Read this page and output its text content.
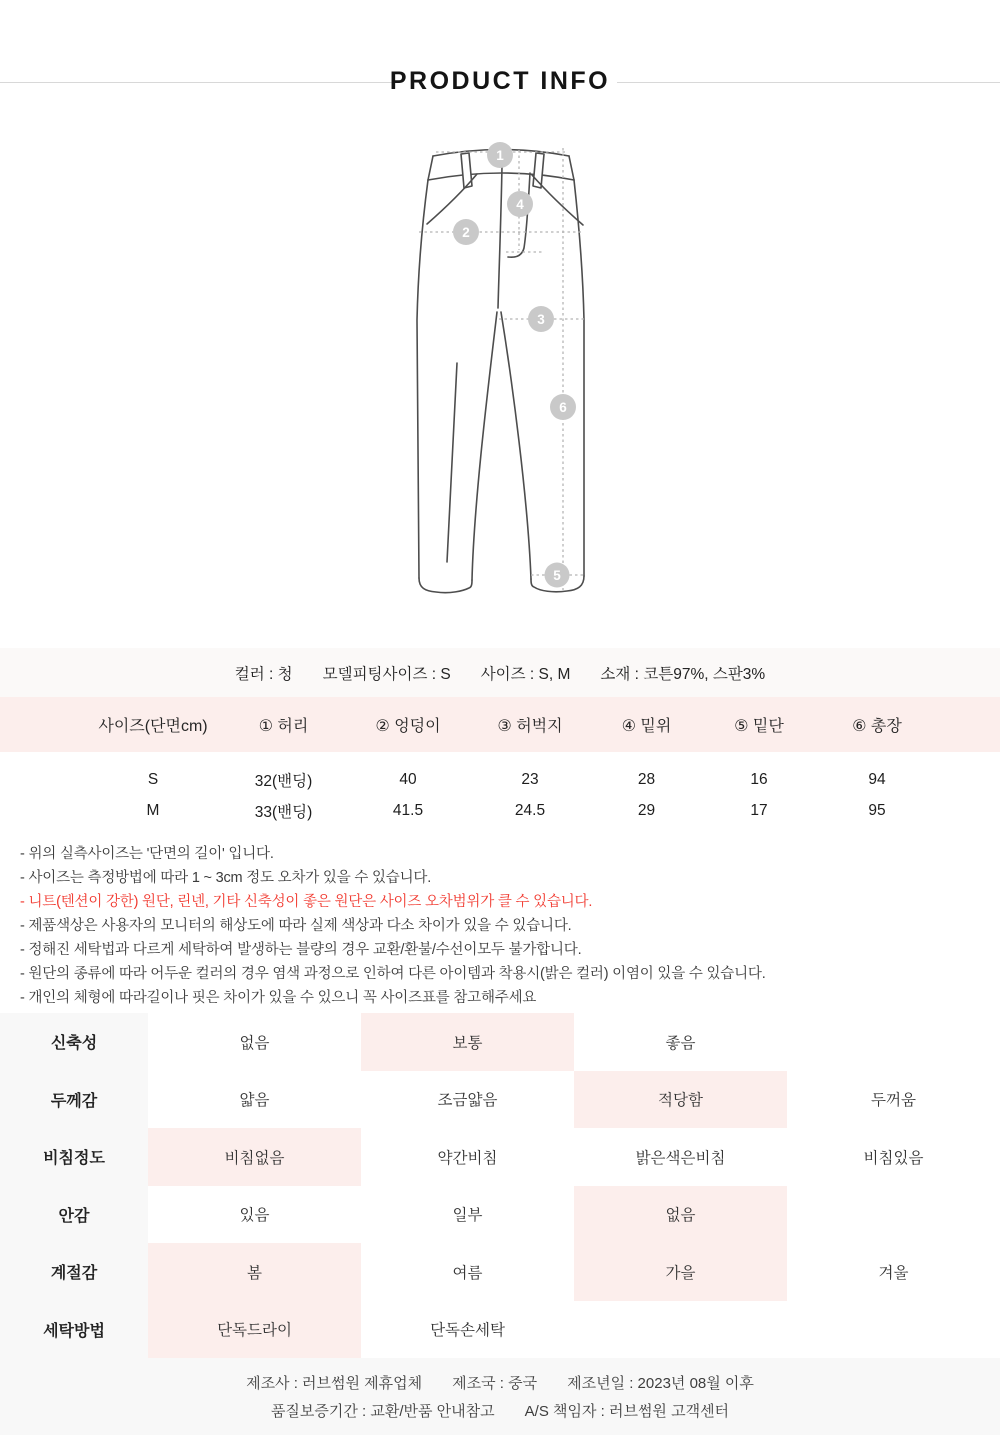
PRODUCT INFO
1
2
3
4
5
6
컬러 : 청 모델피팅사이즈 : S 사이즈 : S, M 소재 : 코튼97%, 스판3%
사이즈(단면cm)	① 허리	② 엉덩이	③ 허벅지	④ 밑위	⑤ 밑단	⑥ 총장
S	32(밴딩)	40	23	28	16	94
M	33(밴딩)	41.5	24.5	29	17	95
- 위의 실측사이즈는 '단면의 길이' 입니다.
- 사이즈는 측정방법에 따라 1 ~ 3cm 정도 오차가 있을 수 있습니다.
- 니트(텐션이 강한) 원단, 린넨, 기타 신축성이 좋은 원단은 사이즈 오차범위가 클 수 있습니다.
- 제품색상은 사용자의 모니터의 해상도에 따라 실제 색상과 다소 차이가 있을 수 있습니다.
- 정해진 세탁법과 다르게 세탁하여 발생하는 블량의 경우 교환/환불/수선이모두 불가합니다.
- 원단의 종류에 따라 어두운 컬러의 경우 염색 과정으로 인하여 다른 아이템과 착용시(밝은 컬러) 이염이 있을 수 있습니다.
- 개인의 체형에 따라길이나 핏은 차이가 있을 수 있으니 꼭 사이즈표를 참고해주세요
신축성	없음	보통	좋음
두께감	얇음	조금얇음	적당함	두꺼움
비침정도	비침없음	약간비침	밝은색은비침	비침있음
안감	있음	일부	없음
계절감	봄	여름	가을	겨울
세탁방법	단독드라이	단독손세탁
제조사 : 러브썸원 제휴업체 제조국 : 중국 제조년일 : 2023년 08월 이후
품질보증기간 : 교환/반품 안내참고 A/S 책임자 : 러브썸원 고객센터
